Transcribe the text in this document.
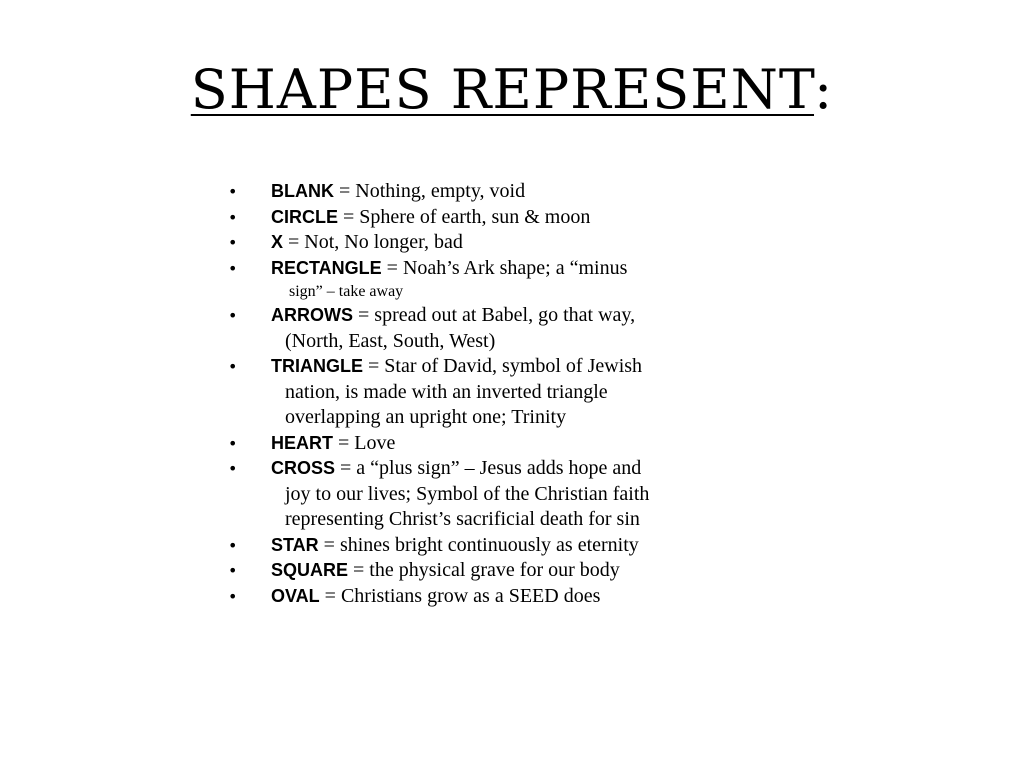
SHAPES REPRESENT:
•	BLANK = Nothing, empty, void
•	CIRCLE = Sphere of earth, sun & moon
•	X = Not, No longer, bad
•	RECTANGLE = Noah’s Ark shape; a “minus
sign” – take away
•	ARROWS = spread out at Babel, go that way,
(North, East, South, West)
•	TRIANGLE = Star of David, symbol of Jewish
nation, is made with an inverted triangle
overlapping an upright one; Trinity
•	HEART = Love
•	CROSS = a “plus sign” – Jesus adds hope and
joy to our lives; Symbol of the Christian faith
representing Christ’s sacrificial death for sin
•	STAR = shines bright continuously as eternity
•	SQUARE = the physical grave for our body
•	OVAL = Christians grow as a SEED does
